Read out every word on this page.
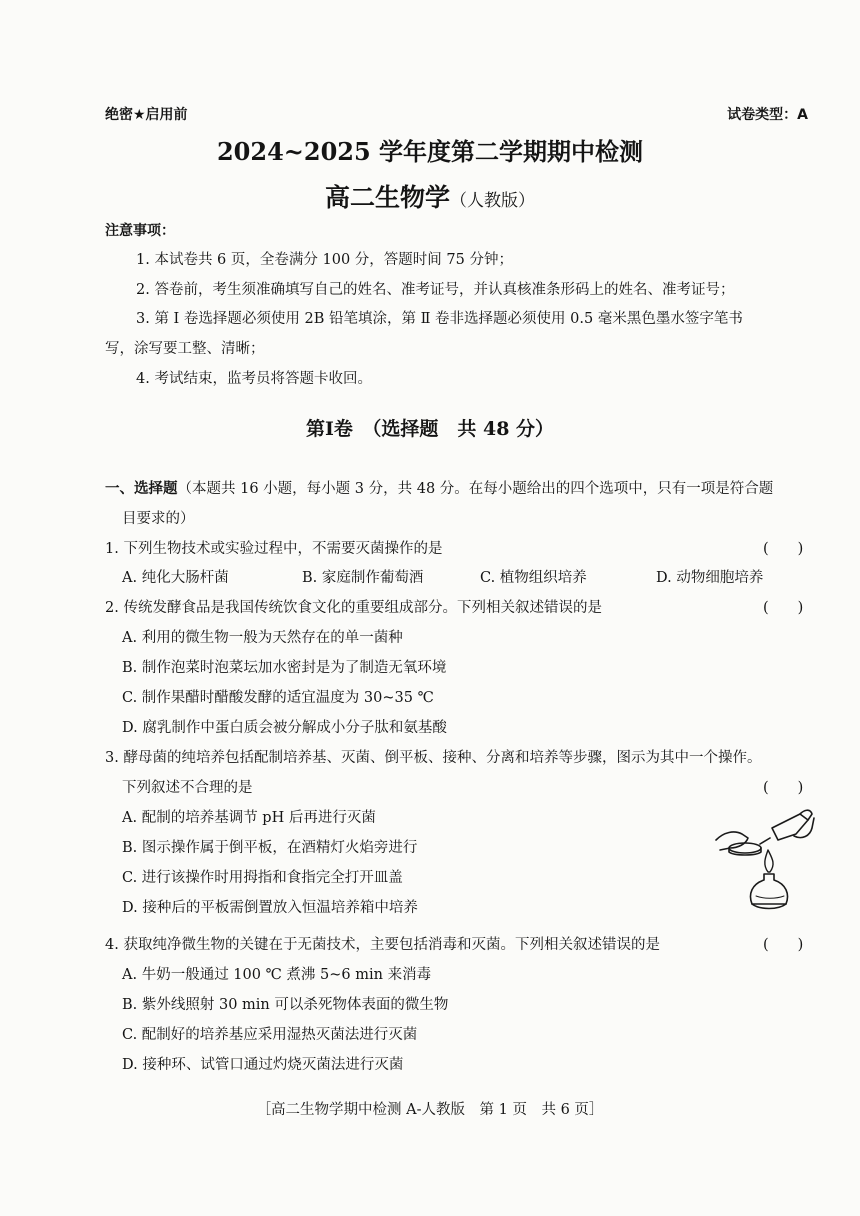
绝密★启用前	试卷类型：A
2024~2025 学年度第二学期期中检测
高二生物学（人教版）
注意事项：
1. 本试卷共 6 页，全卷满分 100 分，答题时间 75 分钟；
2. 答卷前，考生须准确填写自己的姓名、准考证号，并认真核准条形码上的姓名、准考证号；
3. 第 Ⅰ 卷选择题必须使用 2B 铅笔填涂，第 Ⅱ 卷非选择题必须使用 0.5 毫米黑色墨水签字笔书
写，涂写要工整、清晰；
4. 考试结束，监考员将答题卡收回。
第Ⅰ卷　（选择题　共 48 分）
一、选择题（本题共 16 小题，每小题 3 分，共 48 分。在每小题给出的四个选项中，只有一项是符合题
目要求的）
1. 下列生物技术或实验过程中，不需要灭菌操作的是	(　　)
A. 纯化大肠杆菌	B. 家庭制作葡萄酒	C. 植物组织培养	D. 动物细胞培养
2. 传统发酵食品是我国传统饮食文化的重要组成部分。下列相关叙述错误的是	(　　)
A. 利用的微生物一般为天然存在的单一菌种
B. 制作泡菜时泡菜坛加水密封是为了制造无氧环境
C. 制作果醋时醋酸发酵的适宜温度为 30~35 ℃
D. 腐乳制作中蛋白质会被分解成小分子肽和氨基酸
3. 酵母菌的纯培养包括配制培养基、灭菌、倒平板、接种、分离和培养等步骤，图示为其中一个操作。
下列叙述不合理的是	(　　)
A. 配制的培养基调节 pH 后再进行灭菌
B. 图示操作属于倒平板，在酒精灯火焰旁进行
C. 进行该操作时用拇指和食指完全打开皿盖
D. 接种后的平板需倒置放入恒温培养箱中培养
4. 获取纯净微生物的关键在于无菌技术，主要包括消毒和灭菌。下列相关叙述错误的是	(　　)
A. 牛奶一般通过 100 ℃ 煮沸 5~6 min 来消毒
B. 紫外线照射 30 min 可以杀死物体表面的微生物
C. 配制好的培养基应采用湿热灭菌法进行灭菌
D. 接种环、试管口通过灼烧灭菌法进行灭菌
［高二生物学期中检测 A-人教版　第 1 页　共 6 页］
